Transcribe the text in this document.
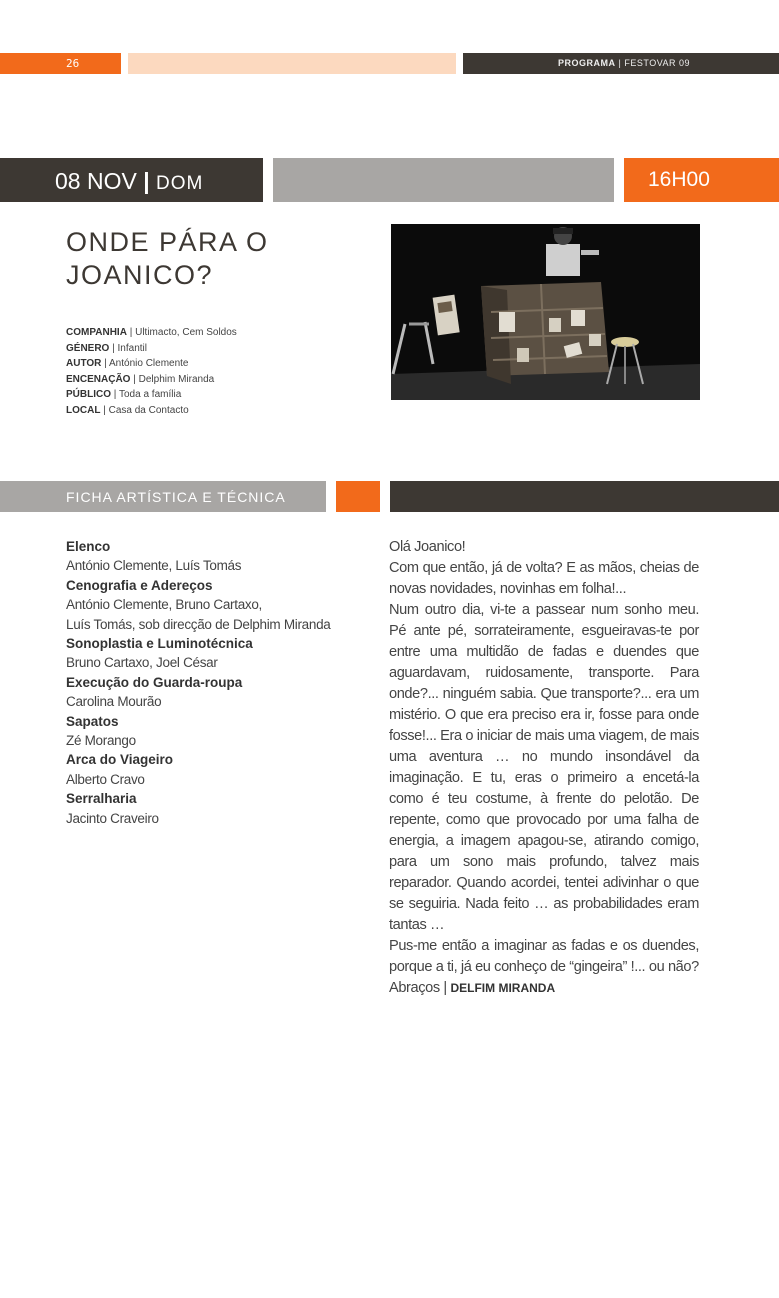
26	PROGRAMA | FESTOVAR 09
08 NOV | DOM	16H00
ONDE PÁRA O
JOANICO?
COMPANHIA | Ultimacto, Cem Soldos
GÉNERO | Infantil
AUTOR | António Clemente
ENCENAÇÃO | Delphim Miranda
PÚBLICO | Toda a família
LOCAL | Casa da Contacto
FICHA ARTÍSTICA E TÉCNICA
Elenco
António Clemente, Luís Tomás
Cenografia e Adereços
António Clemente, Bruno Cartaxo,
Luís Tomás, sob direcção de Delphim Miranda
Sonoplastia e Luminotécnica
Bruno Cartaxo, Joel César
Execução do Guarda-roupa
Carolina Mourão
Sapatos
Zé Morango
Arca do Viageiro
Alberto Cravo
Serralharia
Jacinto Craveiro

Olá Joanico!

Com que então, já de volta? E as mãos, cheias de novas novidades, novinhas em folha!...

Num outro dia, vi-te a passear num sonho meu. Pé ante pé, sorrateiramente, esgueiravas-te por entre uma multidão de fadas e duendes que aguardavam, ruidosamente, transporte. Para onde?... ninguém sabia. Que transporte?... era um mistério. O que era preciso era ir, fosse para onde fosse!... Era o iniciar de mais uma viagem, de mais uma aventura … no mundo insondável da imaginação. E tu, eras o primeiro a encetá-la como é teu costume, à frente do pelotão. De repente, como que provocado por uma falha de energia, a imagem apagou-se, atirando comigo, para um sono mais profundo, talvez mais reparador. Quando acordei, tentei adivinhar o que se seguiria. Nada feito … as probabilidades eram tantas …

Pus-me então a imaginar as fadas e os duendes, porque a ti, já eu conheço de “gingeira” !... ou não?

Abraços | DELFIM MIRANDA
